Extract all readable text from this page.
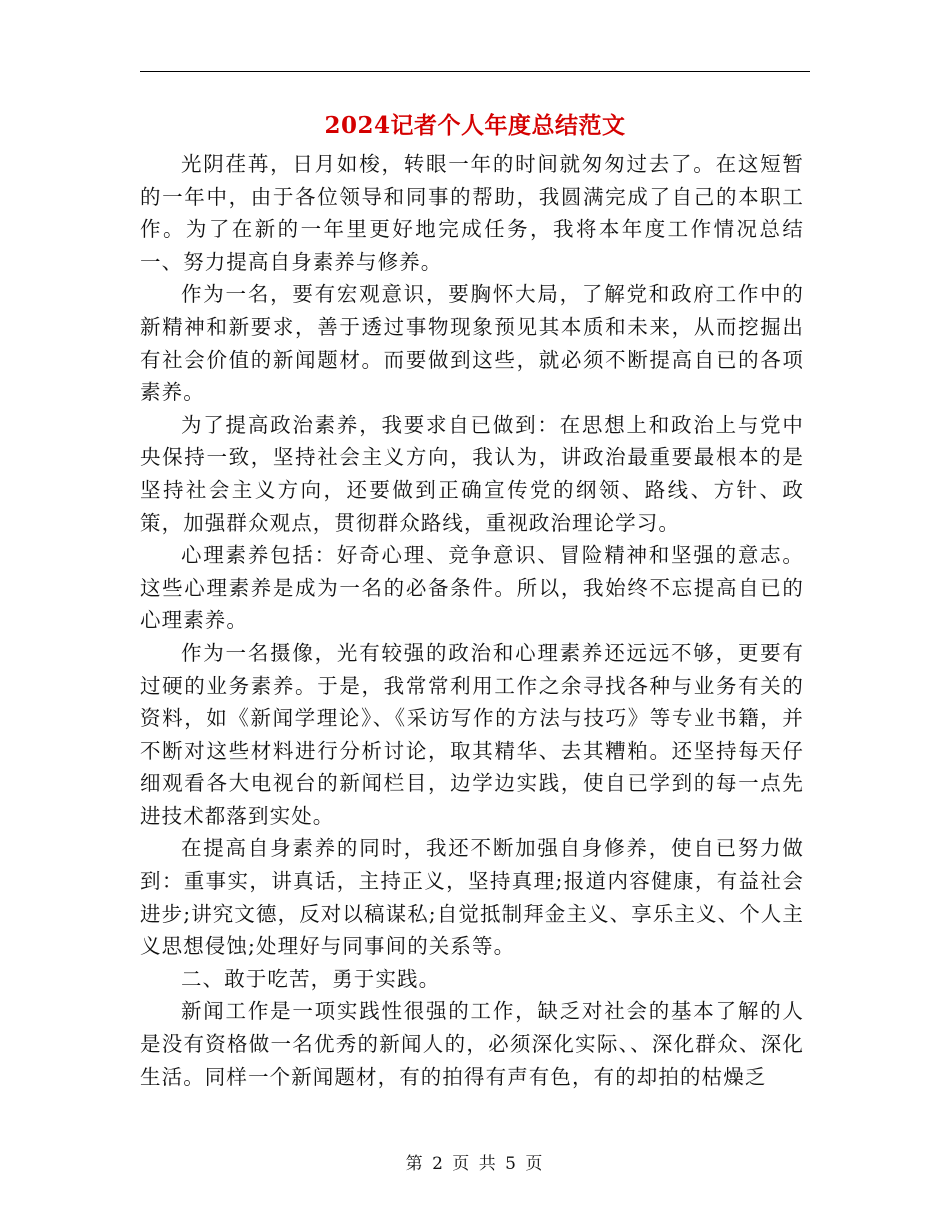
2024记者个人年度总结范文

光阴荏苒，日月如梭，转眼一年的时间就匆匆过去了。在这短暂的一年中，由于各位领导和同事的帮助，我圆满完成了自己的本职工作。为了在新的一年里更好地完成任务，我将本年度工作情况总结一、努力提高自身素养与修养。

作为一名，要有宏观意识，要胸怀大局，了解党和政府工作中的新精神和新要求，善于透过事物现象预见其本质和未来，从而挖掘出有社会价值的新闻题材。而要做到这些，就必须不断提高自已的各项素养。

为了提高政治素养，我要求自已做到：在思想上和政治上与党中央保持一致，坚持社会主义方向，我认为，讲政治最重要最根本的是坚持社会主义方向，还要做到正确宣传党的纲领、路线、方针、政策，加强群众观点，贯彻群众路线，重视政治理论学习。

心理素养包括：好奇心理、竞争意识、冒险精神和坚强的意志。这些心理素养是成为一名的必备条件。所以，我始终不忘提高自已的心理素养。

作为一名摄像，光有较强的政治和心理素养还远远不够，更要有过硬的业务素养。于是，我常常利用工作之余寻找各种与业务有关的资料，如《新闻学理论》、《采访写作的方法与技巧》等专业书籍，并不断对这些材料进行分析讨论，取其精华、去其糟粕。还坚持每天仔细观看各大电视台的新闻栏目，边学边实践，使自已学到的每一点先进技术都落到实处。

在提高自身素养的同时，我还不断加强自身修养，使自已努力做到：重事实，讲真话，主持正义，坚持真理;报道内容健康，有益社会进步;讲究文德，反对以稿谋私;自觉抵制拜金主义、享乐主义、个人主义思想侵蚀;处理好与同事间的关系等。

二、敢于吃苦，勇于实践。

新闻工作是一项实践性很强的工作，缺乏对社会的基本了解的人是没有资格做一名优秀的新闻人的，必须深化实际、、深化群众、深化生活。同样一个新闻题材，有的拍得有声有色，有的却拍的枯燥乏

第 2 页 共 5 页
